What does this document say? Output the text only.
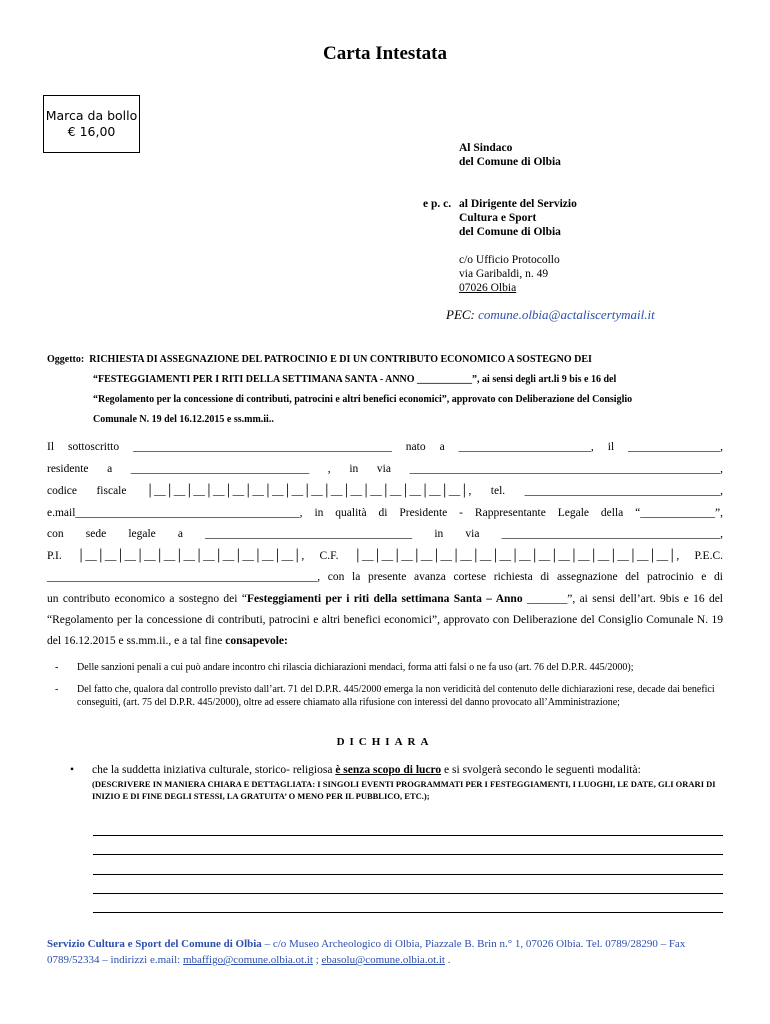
Carta Intestata
Marca da bollo
€ 16,00
Al Sindaco
del Comune di Olbia
e p. c. al Dirigente del Servizio
Cultura e Sport
del Comune di Olbia
c/o Ufficio Protocollo
via Garibaldi, n. 49
07026 Olbia
PEC: comune.olbia@actaliscertymail.it
Oggetto: RICHIESTA DI ASSEGNAZIONE DEL PATROCINIO E DI UN CONTRIBUTO ECONOMICO A SOSTEGNO DEI
“FESTEGGIAMENTI PER I RITI DELLA SETTIMANA SANTA - ANNO ___________”, ai sensi degli art.li 9 bis e 16 del
“Regolamento per la concessione di contributi, patrocini e altri benefici economici”, approvato con Deliberazione del Consiglio
Comunale N. 19 del 16.12.2015 e ss.mm.ii..
Il sottoscritto _____________________________________________ nato a _______________________, il ________________,
residente a _______________________________ , in via ______________________________________________________,
codice fiscale │__│__│__│__│__│__│__│__│__│__│__│__│__│__│__│__│, tel. __________________________________,
e.mail_______________________________________, in qualità di Presidente - Rappresentante Legale della “_____________”,
con sede legale a ____________________________________ in via ______________________________________,
P.I. │__│__│__│__│__│__│__│__│__│__│__│, C.F. │__│__│__│__│__│__│__│__│__│__│__│__│__│__│__│__│, P.E.C.
_______________________________________________, con la presente avanza cortese richiesta di assegnazione del patrocinio e di
un contributo economico a sostegno dei “Festeggiamenti per i riti della settimana Santa – Anno _______”, ai sensi dell’art. 9bis e 16 del “Regolamento per la concessione di contributi, patrocini e altri benefici economici”, approvato con Deliberazione del Consiglio Comunale N. 19 del 16.12.2015 e ss.mm.ii., e a tal fine consapevole:
-	Delle sanzioni penali a cui può andare incontro chi rilascia dichiarazioni mendaci, forma atti falsi o ne fa uso (art. 76 del D.P.R. 445/2000);
-	Del fatto che, qualora dal controllo previsto dall’art. 71 del D.P.R. 445/2000 emerga la non veridicità del contenuto delle dichiarazioni rese, decade dai benefici conseguiti, (art. 75 del D.P.R. 445/2000), oltre ad essere chiamato alla rifusione con interessi del danno provocato all’Amministrazione;
DICHIARA
•	che la suddetta iniziativa culturale, storico- religiosa è senza scopo di lucro e si svolgerà secondo le seguenti modalità:
(DESCRIVERE IN MANIERA CHIARA E DETTAGLIATA: I SINGOLI EVENTI PROGRAMMATI PER I FESTEGGIAMENTI, I LUOGHI, LE DATE, GLI ORARI DI INIZIO E DI FINE DEGLI STESSI, LA GRATUITA’ O MENO PER IL PUBBLICO, ETC.);
Servizio Cultura e Sport del Comune di Olbia – c/o Museo Archeologico di Olbia, Piazzale B. Brin n.° 1, 07026 Olbia. Tel. 0789/28290 – Fax 0789/52334 – indirizzi e.mail: mbaffigo@comune.olbia.ot.it ; ebasolu@comune.olbia.ot.it .
